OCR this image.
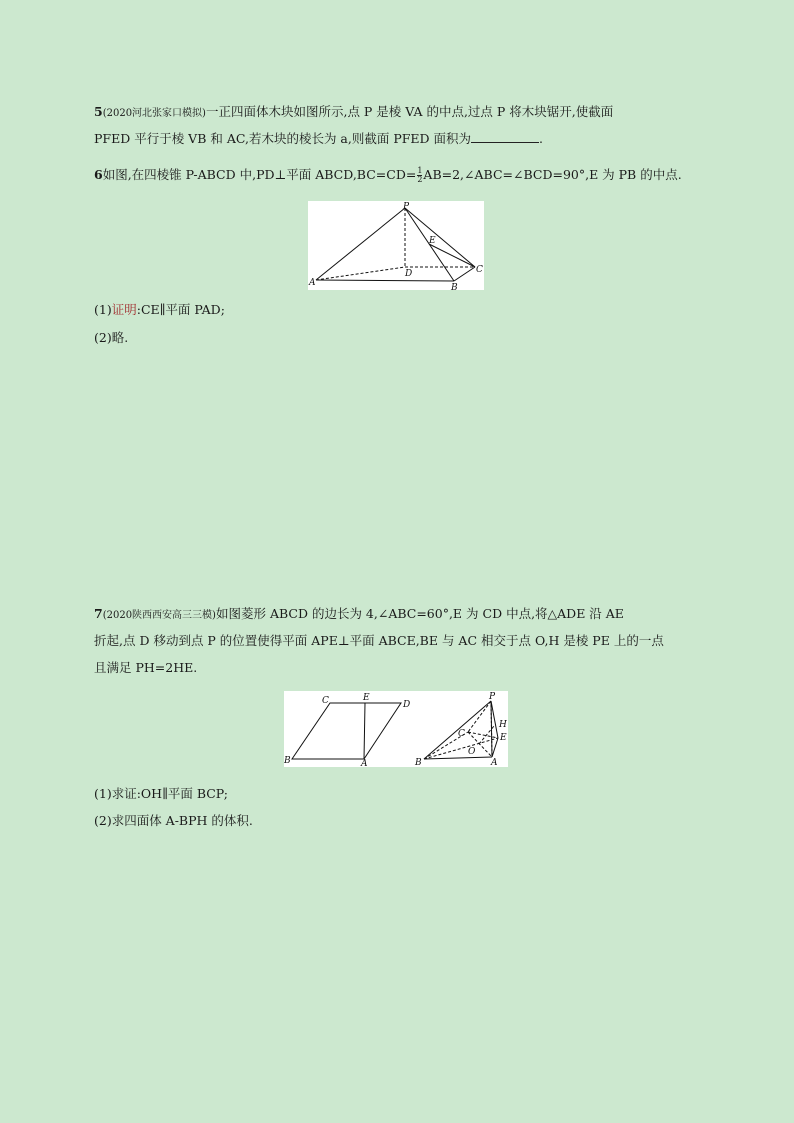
5(2020河北张家口模拟)一正四面体木块如图所示,点 P 是棱 VA 的中点,过点 P 将木块锯开,使截面
PFED 平行于棱 VB 和 AC,若木块的棱长为 a,则截面 PFED 面积为	.
6如图,在四棱锥 P-ABCD 中,PD⊥平面 ABCD,BC=CD= $\frac{1}{2}$ AB=2,∠ABC=∠BCD=90°,E 为 PB 的中点.
P
E
C
D
A	B
(1)证明:CE∥平面 PAD;
(2)略.
7(2020陕西西安高三三模)如图菱形 ABCD 的边长为 4,∠ABC=60°,E 为 CD 中点,将△ADE 沿 AE
折起,点 D 移动到点 P 的位置使得平面 APE⊥平面 ABCE,BE 与 AC 相交于点 O,H 是棱 PE 上的一点
且满足 PH=2HE.
C	E
D
B	A
P
H
E
C
O
B	A
(1)求证:OH∥平面 BCP;
(2)求四面体 A-BPH 的体积.
